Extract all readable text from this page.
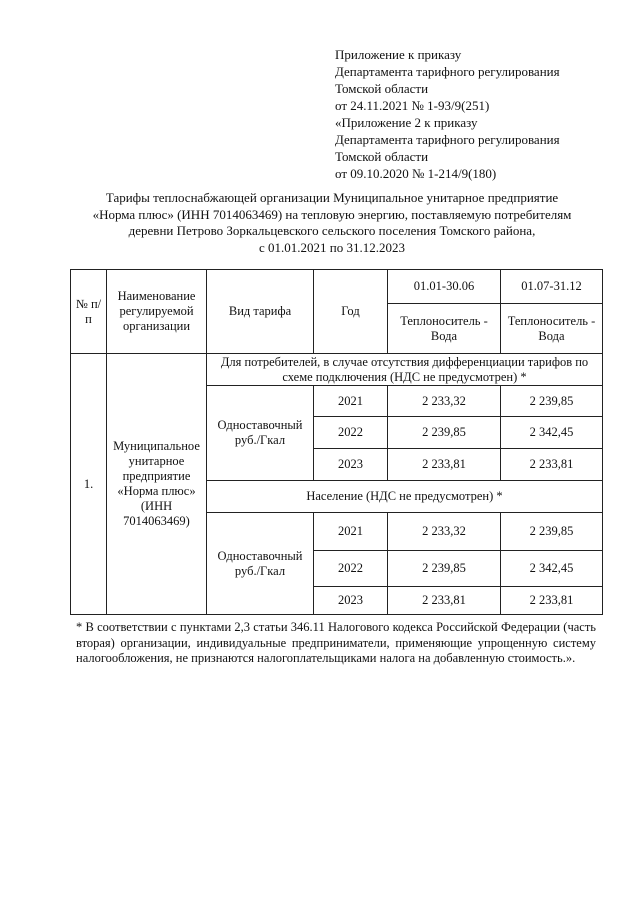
Приложение к приказу
Департамента тарифного регулирования
Томской области
от 24.11.2021 № 1-93/9(251)
«Приложение 2 к приказу
Департамента тарифного регулирования
Томской области
от 09.10.2020 № 1-214/9(180)
Тарифы теплоснабжающей организации Муниципальное унитарное предприятие
«Норма плюс» (ИНН 7014063469) на тепловую энергию, поставляемую потребителям
деревни Петрово Зоркальцевского сельского поселения Томского района,
с 01.01.2021 по 31.12.2023
№ п/п	Наименование регулируемой организации	Вид тарифа	Год	01.01-30.06	01.07-31.12
				Теплоноситель - Вода	Теплоноситель - Вода
1.	Муниципальное унитарное предприятие «Норма плюс» (ИНН 7014063469)	Для потребителей, в случае отсутствия дифференциации тарифов по схеме подключения (НДС не предусмотрен) *			
		Одноставочный руб./Гкал	2021	2 233,32	2 239,85
			2022	2 239,85	2 342,45
			2023	2 233,81	2 233,81
		Население (НДС не предусмотрен) *			
		Одноставочный руб./Гкал	2021	2 233,32	2 239,85
			2022	2 239,85	2 342,45
			2023	2 233,81	2 233,81
* В соответствии с пунктами 2,3 статьи 346.11 Налогового кодекса Российской Федерации (часть вторая) организации, индивидуальные предприниматели, применяющие упрощенную систему налогообложения, не признаются налогоплательщиками налога на добавленную стоимость.».
